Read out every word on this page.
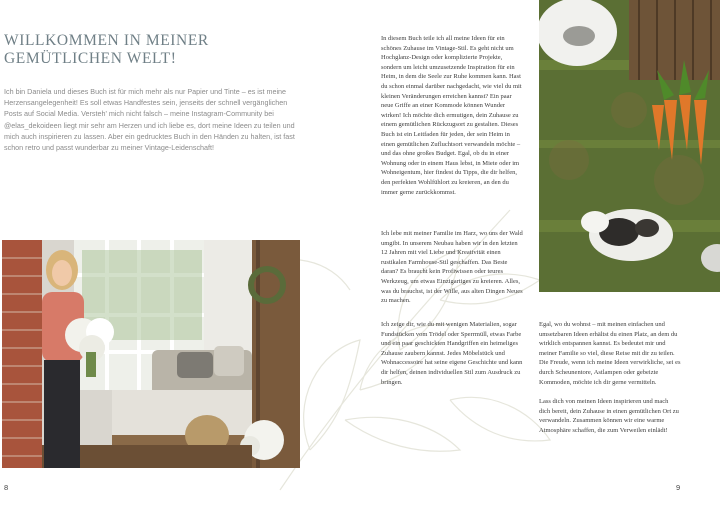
WILLKOMMEN IN MEINER
GEMÜTLICHEN WELT!

Ich bin Daniela und dieses Buch ist für mich mehr als nur Papier und Tinte – es ist meine Herzensangelegenheit! Es soll etwas Handfestes sein, jenseits der schnell vergänglichen Posts auf Social Media. Versteh' mich nicht falsch – meine Instagram-Community bei @elas_dekoideen liegt mir sehr am Herzen und ich liebe es, dort meine Ideen zu teilen und mich auch inspirieren zu lassen. Aber ein gedrucktes Buch in den Händen zu halten, ist fast schon retro und passt wunderbar zu meiner Vintage-Leidenschaft!

In diesem Buch teile ich all meine Ideen für ein schönes Zuhause im Vintage-Stil. Es geht nicht um Hochglanz-Design oder komplizierte Projekte, sondern um leicht umzusetzende Inspiration für ein Heim, in dem die Seele zur Ruhe kommen kann. Hast du schon einmal darüber nachgedacht, wie viel du mit kleinen Veränderungen erreichen kannst? Ein paar neue Griffe an einer Kommode können Wunder wirken! Ich möchte dich ermutigen, dein Zuhause zu einem gemütlichen Rückzugsort zu gestalten. Dieses Buch ist ein Leitfaden für jeden, der sein Heim in einen gemütlichen Zufluchtsort verwandeln möchte – und das ohne großes Budget. Egal, ob du in einer Wohnung oder in einem Haus lebst, in Miete oder im Wohneigentum, hier findest du Tipps, die dir helfen, den perfekten Wohlfühlort zu kreieren, an den du immer gerne zurückkommst.

Ich lebe mit meiner Familie im Harz, wo uns der Wald umgibt. In unserem Neubau haben wir in den letzten 12 Jahren mit viel Liebe und Kreativität einen rustikalen Farmhouse-Stil geschaffen. Das Beste daran? Es braucht kein Profiwissen oder teures Werkzeug, um etwas Einzigartiges zu kreieren. Alles, was du brauchst, ist der Wille, aus alten Dingen Neues zu machen.

Ich zeige dir, wie du mit wenigen Materialien, sogar Fundstücken vom Trödel oder Sperrmüll, etwas Farbe und ein paar geschickten Handgriffen ein heimeliges Zuhause zaubern kannst. Jedes Möbelstück und Wohnaccessoire hat seine eigene Geschichte und kann dir helfen, deinen individuellen Stil zum Ausdruck zu bringen.

Egal, wo du wohnst – mit meinen einfachen und umsetzbaren Ideen erhältst du einen Platz, an dem du wirklich entspannen kannst. Es bedeutet mir und meiner Familie so viel, diese Reise mit dir zu teilen. Die Freude, wenn ich meine Ideen verwirkliche, sei es durch Scheunentore, Astlampen oder gebeizte Kommoden, möchte ich dir gerne vermitteln.

Lass dich von meinen Ideen inspirieren und mach dich bereit, dein Zuhause in einen gemütlichen Ort zu verwandeln. Zusammen können wir eine warme Atmosphäre schaffen, die zum Verweilen einlädt!

8	9
